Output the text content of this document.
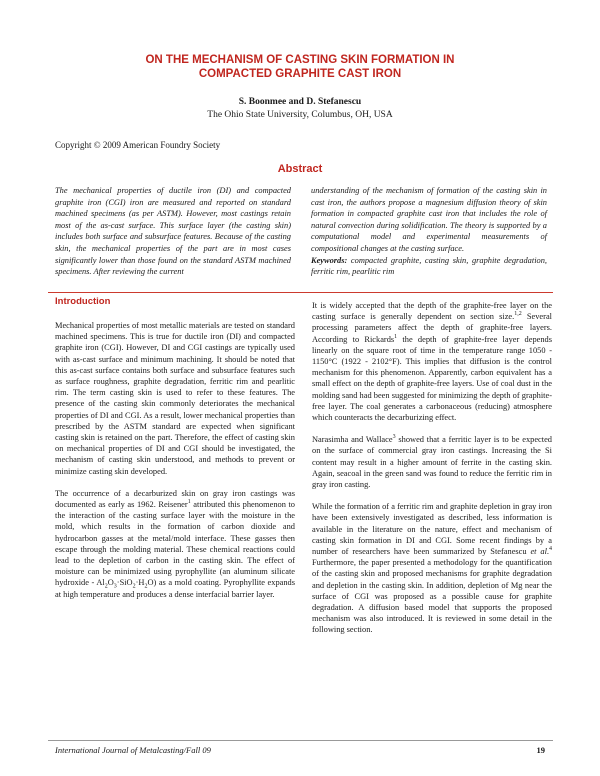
ON THE MECHANISM OF CASTING SKIN FORMATION IN
COMPACTED GRAPHITE CAST IRON
S. Boonmee and D. Stefanescu
The Ohio State University, Columbus, OH, USA
Copyright © 2009 American Foundry Society
Abstract

The mechanical properties of ductile iron (DI) and compacted graphite iron (CGI) iron are measured and reported on standard machined specimens (as per ASTM). However, most castings retain most of the as-cast surface. This surface layer (the casting skin) includes both surface and subsurface features. Because of the casting skin, the mechanical properties of the part are in most cases significantly lower than those found on the standard ASTM machined specimens. After reviewing the current

understanding of the mechanism of formation of the casting skin in cast iron, the authors propose a magnesium diffusion theory of skin formation in compacted graphite cast iron that includes the role of natural convection during solidification. The theory is supported by a computational model and experimental measurements of compositional changes at the casting surface.

Keywords: compacted graphite, casting skin, graphite degradation, ferritic rim, pearlitic rim

Introduction

Mechanical properties of most metallic materials are tested on standard machined specimens. This is true for ductile iron (DI) and compacted graphite iron (CGI). However, DI and CGI castings are typically used with as-cast surface and minimum machining. It should be noted that this as-cast surface contains both surface and subsurface features such as surface roughness, graphite degradation, ferritic rim and pearlitic rim. The term casting skin is used to refer to these features. The presence of the casting skin commonly deteriorates the mechanical properties of DI and CGI. As a result, lower mechanical properties than prescribed by the ASTM standard are expected when significant casting skin is retained on the part. Therefore, the effect of casting skin on mechanical properties of DI and CGI should be investigated, the mechanism of casting skin understood, and methods to prevent or minimize casting skin developed.

The occurrence of a decarburized skin on gray iron castings was documented as early as 1962. Reisener$^1$ attributed this phenomenon to the interaction of the casting surface layer with the moisture in the mold, which results in the formation of carbon dioxide and hydrocarbon gasses at the metal/mold interface. These gasses then escape through the molding material. These chemical reactions could lead to the depletion of carbon in the casting skin. The effect of moisture can be minimized using pyrophyllite (an aluminum silicate hydroxide - $Al_2O_3\cdot SiO_2\cdot H_2O$) as a mold coating. Pyrophyllite expands at high temperature and produces a dense interfacial barrier layer.

It is widely accepted that the depth of the graphite-free layer on the casting surface is generally dependent on section size.$^{1,2}$ Several processing parameters affect the depth of graphite-free layers. According to Rickards$^1$ the depth of graphite-free layer depends linearly on the square root of time in the temperature range 1050 - 1150°C (1922 - 2102°F). This implies that diffusion is the control mechanism for this phenomenon. Apparently, carbon equivalent has a small effect on the depth of graphite-free layers. Use of coal dust in the molding sand had been suggested for minimizing the depth of graphite-free layer. The coal generates a carbonaceous (reducing) atmosphere which counteracts the decarburizing effect.

Narasimha and Wallace$^3$ showed that a ferritic layer is to be expected on the surface of commercial gray iron castings. Increasing the Si content may result in a higher amount of ferrite in the casting skin. Again, seacoal in the green sand was found to reduce the ferritic rim in gray iron casting.

While the formation of a ferritic rim and graphite depletion in gray iron have been extensively investigated as described, less information is available in the literature on the nature, effect and mechanism of casting skin formation in DI and CGI. Some recent findings by a number of researchers have been summarized by Stefanescu et al.$^4$ Furthermore, the paper presented a methodology for the quantification of the casting skin and proposed mechanisms for graphite degradation and depletion in the casting skin. In addition, depletion of Mg near the surface of CGI was proposed as a possible cause for graphite degradation. A diffusion based model that supports the proposed mechanism was also introduced. It is reviewed in some detail in the following section.

International Journal of Metalcasting/Fall 09	19
